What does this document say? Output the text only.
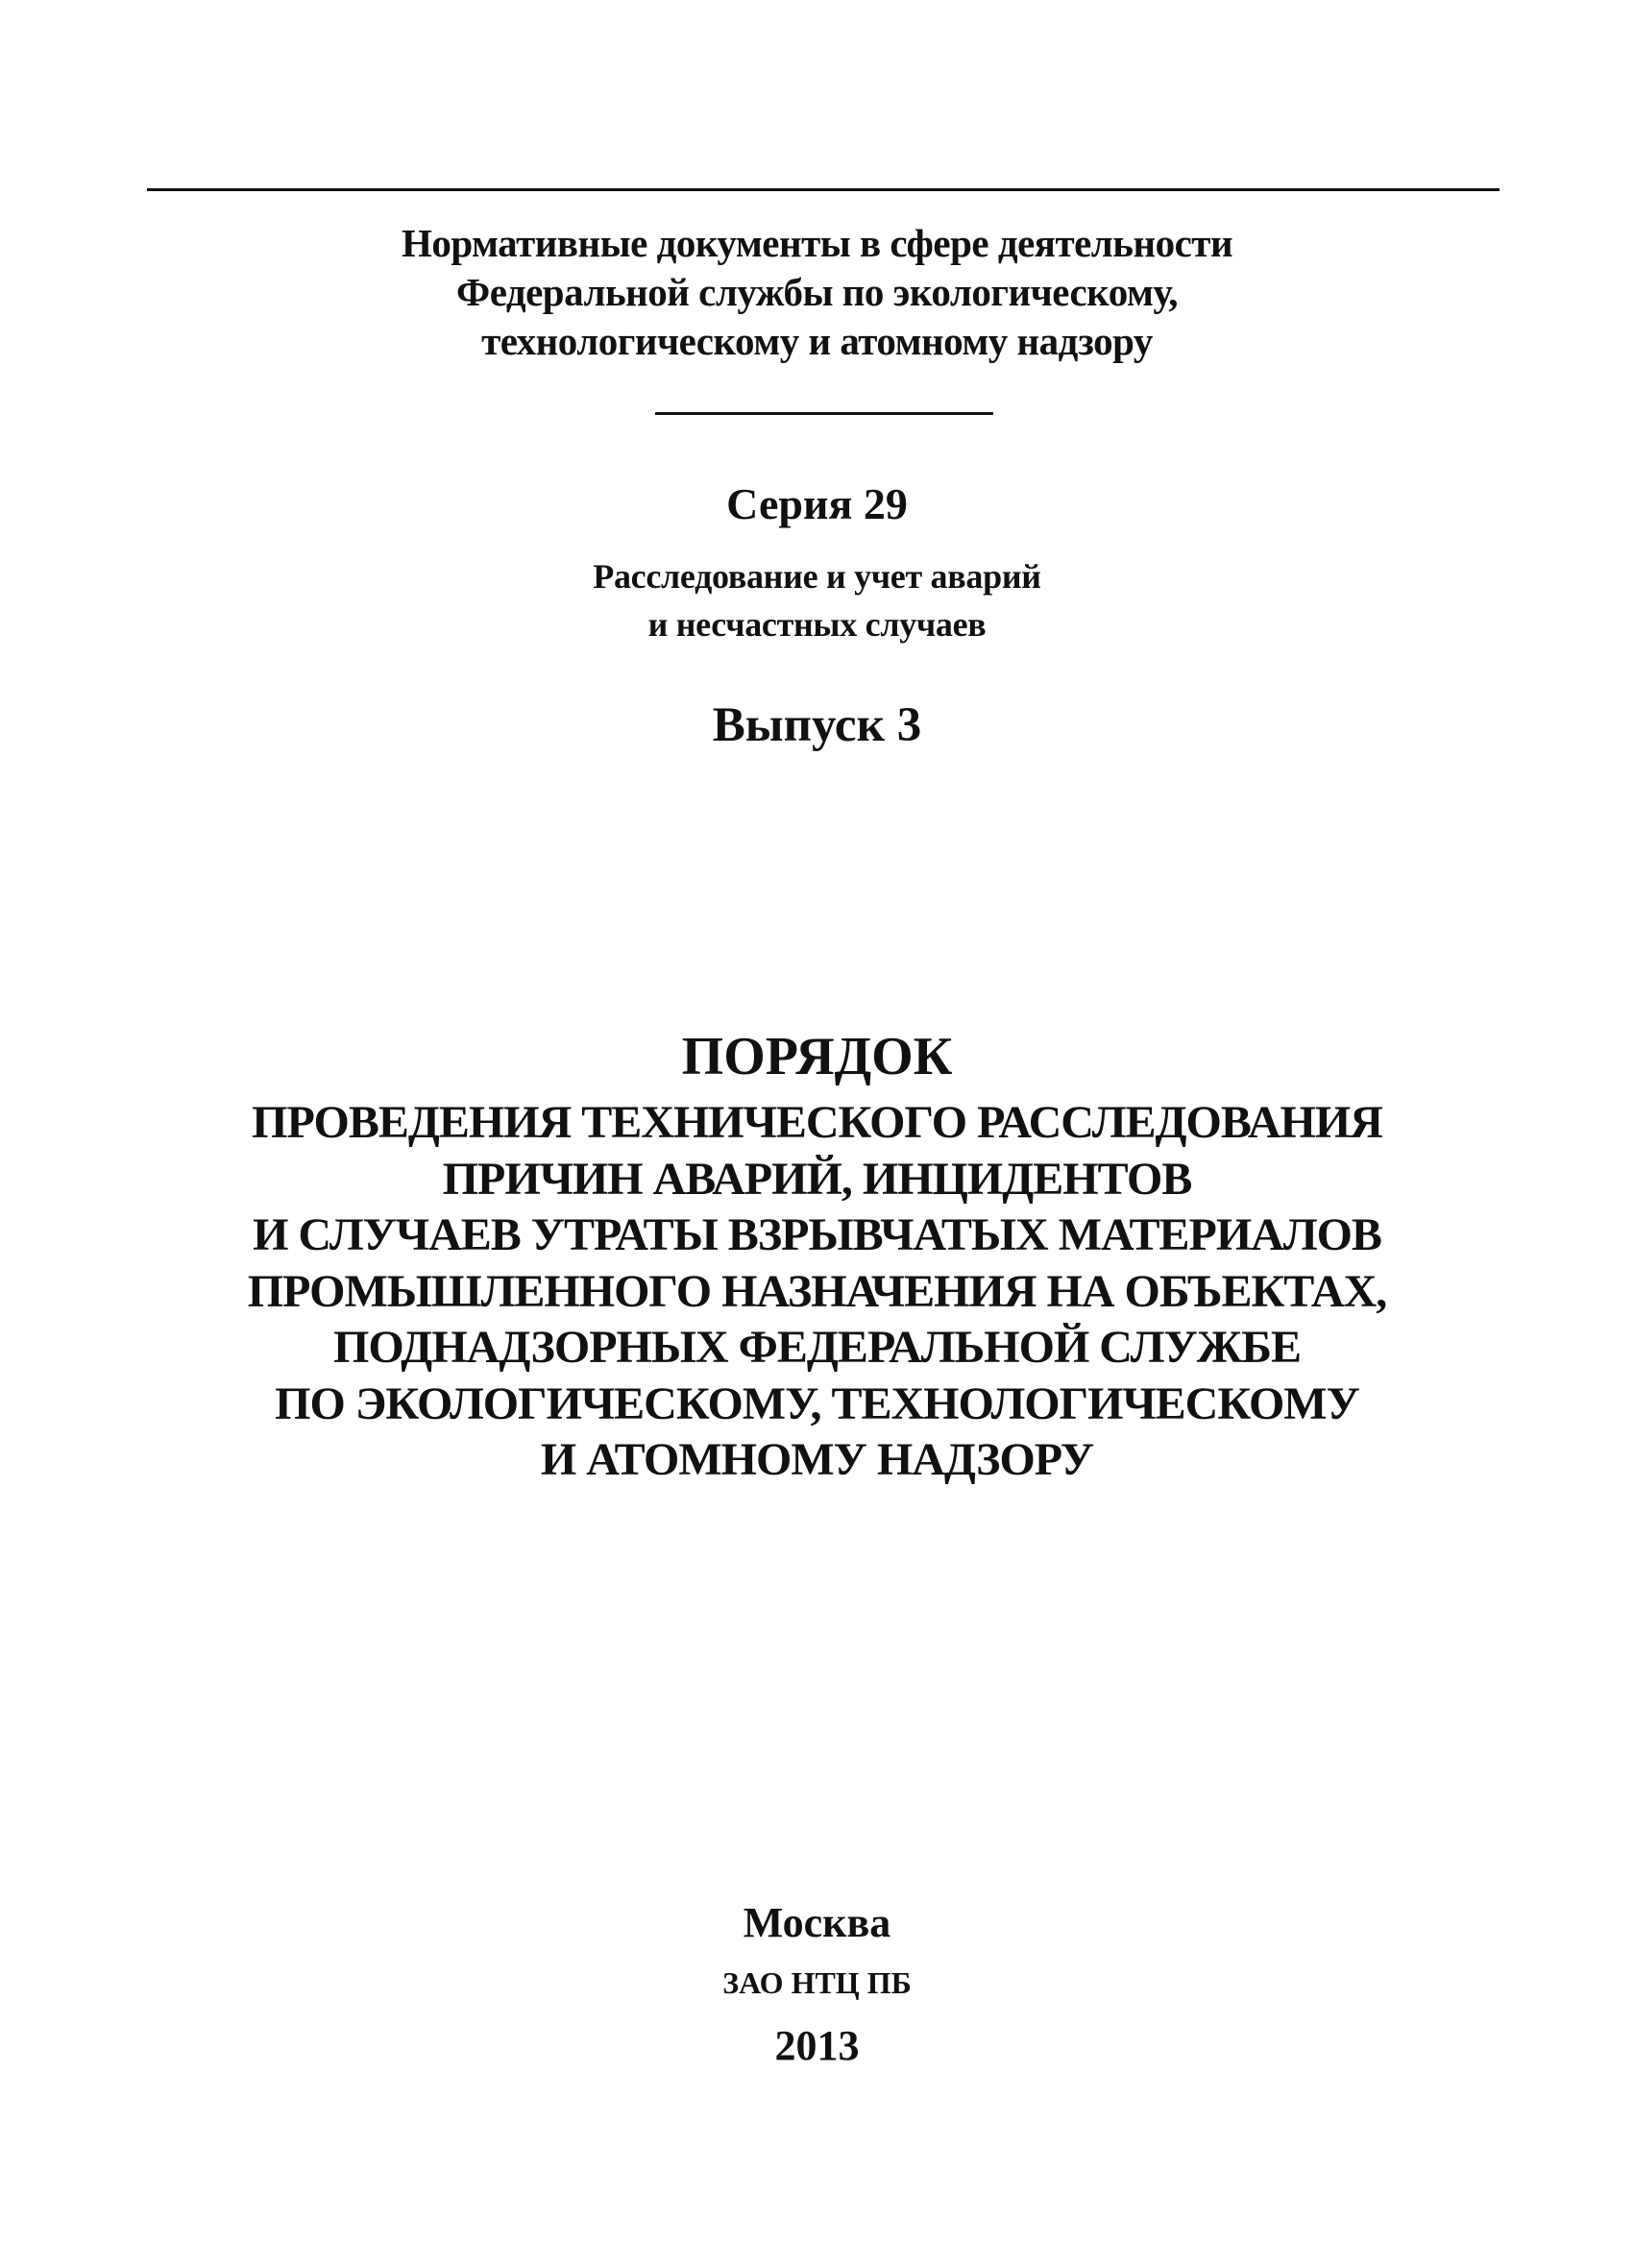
Нормативные документы в сфере деятельности
Федеральной службы по экологическому,
технологическому и атомному надзору
Серия 29
Расследование и учет аварий
и несчастных случаев
Выпуск 3
ПОРЯДОК
ПРОВЕДЕНИЯ ТЕХНИЧЕСКОГО РАССЛЕДОВАНИЯ
ПРИЧИН АВАРИЙ, ИНЦИДЕНТОВ
И СЛУЧАЕВ УТРАТЫ ВЗРЫВЧАТЫХ МАТЕРИАЛОВ
ПРОМЫШЛЕННОГО НАЗНАЧЕНИЯ НА ОБЪЕКТАХ,
ПОДНАДЗОРНЫХ ФЕДЕРАЛЬНОЙ СЛУЖБЕ
ПО ЭКОЛОГИЧЕСКОМУ, ТЕХНОЛОГИЧЕСКОМУ
И АТОМНОМУ НАДЗОРУ
Москва
ЗАО НТЦ ПБ
2013
